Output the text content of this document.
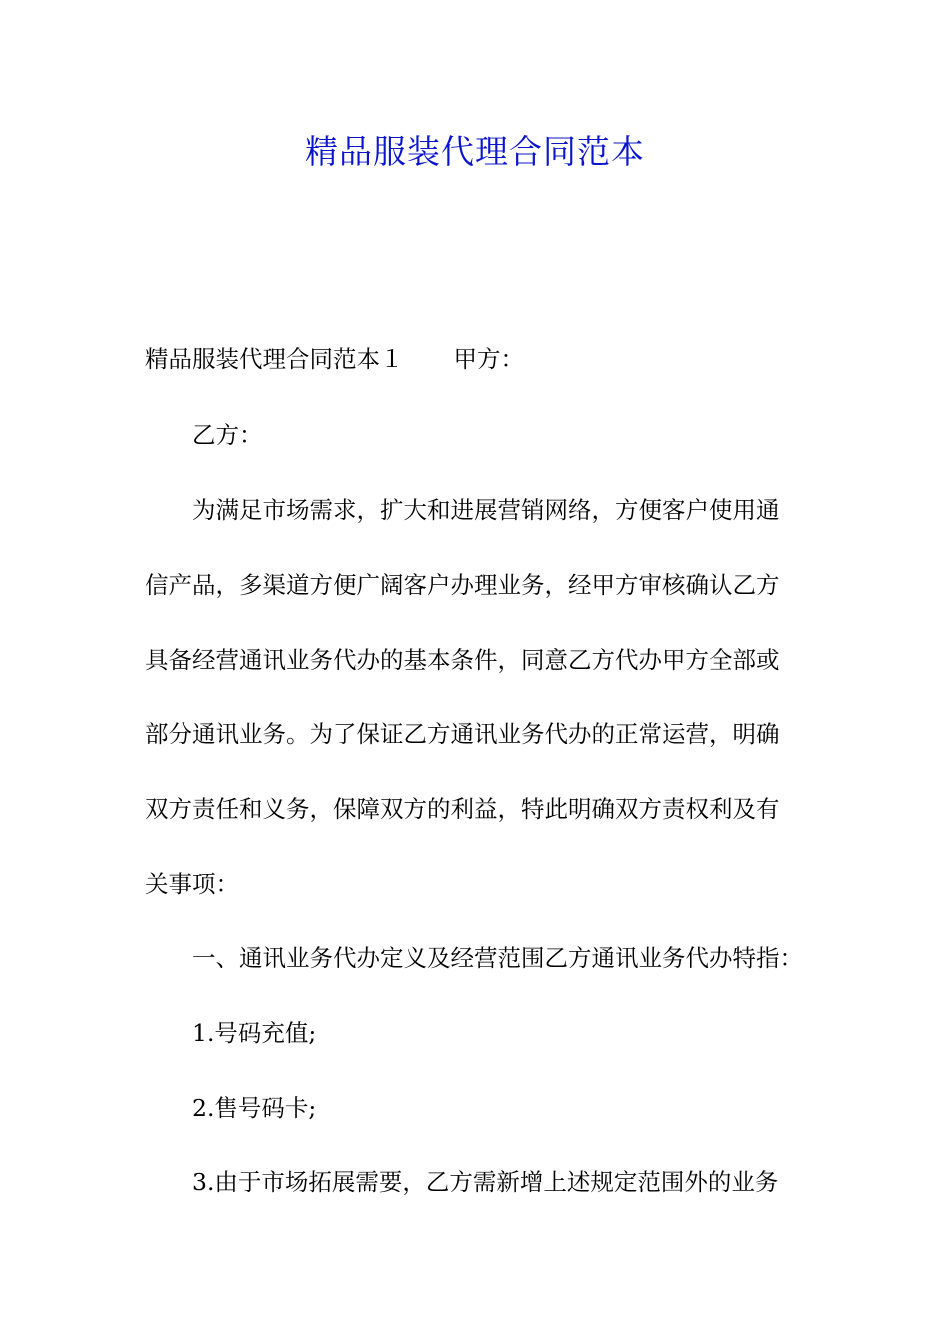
精品服装代理合同范本

精品服装代理合同范本１ 甲方：

乙方：

为满足市场需求，扩大和进展营销网络，方便客户使用通

信产品，多渠道方便广阔客户办理业务，经甲方审核确认乙方

具备经营通讯业务代办的基本条件，同意乙方代办甲方全部或

部分通讯业务。为了保证乙方通讯业务代办的正常运营，明确

双方责任和义务，保障双方的利益，特此明确双方责权利及有

关事项：

一、通讯业务代办定义及经营范围乙方通讯业务代办特指：

1.号码充值;

2.售号码卡;

3.由于市场拓展需要，乙方需新增上述规定范围外的业务
